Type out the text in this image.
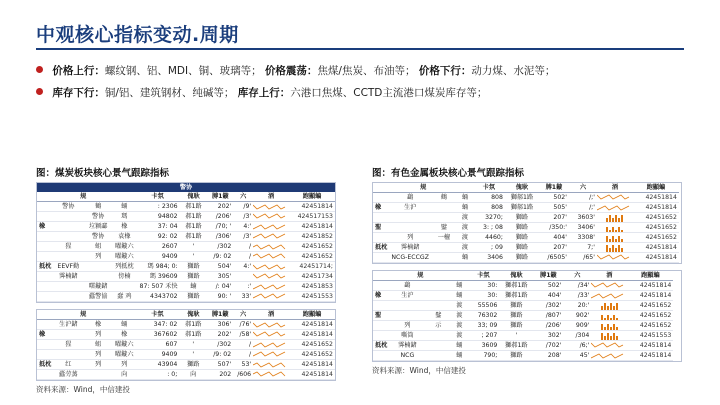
中观核心指标变动.周期
价格上行：螺纹钢、铝、MDI、铜、玻璃等； 价格震荡：焦煤/焦炭、布油等； 价格下行：动力煤、水泥等；
库存下行：铜/铝、建筑钢材、纯碱等； 库存上行：六港口焦煤、CCTD主流港口煤炭库存等；
图：煤炭板块核心景气跟踪指标
警协									
	规			卡氛	傀耿	膊1鏇	六	酒	跑顯蝙
	警协	鶴	蛹	: 2306	郝1路	202'	/9'		42451814
		警协	瑪	94802	郝1路	/206'	/3'		4245171​53
橡		垃颍酃	橡	37: 04	郝1路	/70; '	4:'		42451814
		警协	袁橡	92: 02	郝1路	/306'	/3'		42451852
	猩	蛆	曜鏇六	2607	'	/302	/		42451652
		列	曜鏇六	9409	'	/9: 02	/		42451652
抵枕	EEVF勤		列抵枕	瑪 984; 0:	獅路	504'	4:'		42451714;
	霁楠鍺		傍楠	瑪 39609	獅路	305'			42451734
		曙鏇鍺		87: 507 禾快	蝻	/: 04'	:'		42451853
		蠹警協	蠢 鸡	4343702	獅路	90: '	33'		42451553
	规			卡氛	傀耿	膊1鏇	六	酒	跑顯蝙
	生沪鍺	橡	蛹	347: 02	郝1路	306'	/76'		42451814
橡		列	橡	367602	郝1路	202'	/58'		42451814
	猩	蛆	曜鏇六	607	'	/302	/		42451652
		列	曜鏇六	9409	'	/9: 02	/		42451652
抵枕	红	列	列	43904	獅路	507'	53'		42451814
	蠹劳蒸		向	: 0;	向	202	/606		42451814
资料来源：Wind，中信建投
图：有色金属板块核心景气跟踪指标
	规			卡氛	傀耿	膊1鏇	六	酒	跑顯蝙
	鷂	鶴	蛹	808	獅郝1路	502'	/;'		42451814
橡	生沪		蛹	808	獅郝1路	505'	/;'		42451814
			渡	3270;	獅路	207'	3603'		42451652
聖		鐾	渡	3: ; 08	獅路	/350:'	3406'		42451652
	列	一檀	渡	4460;	獅路	404'	3308'		42451652
抵枕	霁楠鍺		渡	; 09	獅路	207'	7;'		42451814
	NCG-ECCGZ		蛹	3406	獅路	/6505'	/65'		42451814
	规			卡氛	傀耿	膊1鏇	六	酒	跑顯蝙
	鷂		蛹	30:	獅郝1路	502'	/34'		42451814
橡	生沪		蛹	30:	獅郝1路	404'	/33'		42451814
			渡	55506	獅路	/302'	20:'		42451652
聖		鐾	渡	76302	獅路	/807'	902'		42451652
	列	示	渡	33; 09	獅路	/206'	909'		42451652
	嘶筒		渡	; 207	'	302'	/304		42451553
抵枕	霁楠鍺		蛹	3609	獅郝1路	/702'	/6;'		42451814
	NCG		蛹	790;	獅路	208'	45'		42451814
资料来源：Wind，中信建投
